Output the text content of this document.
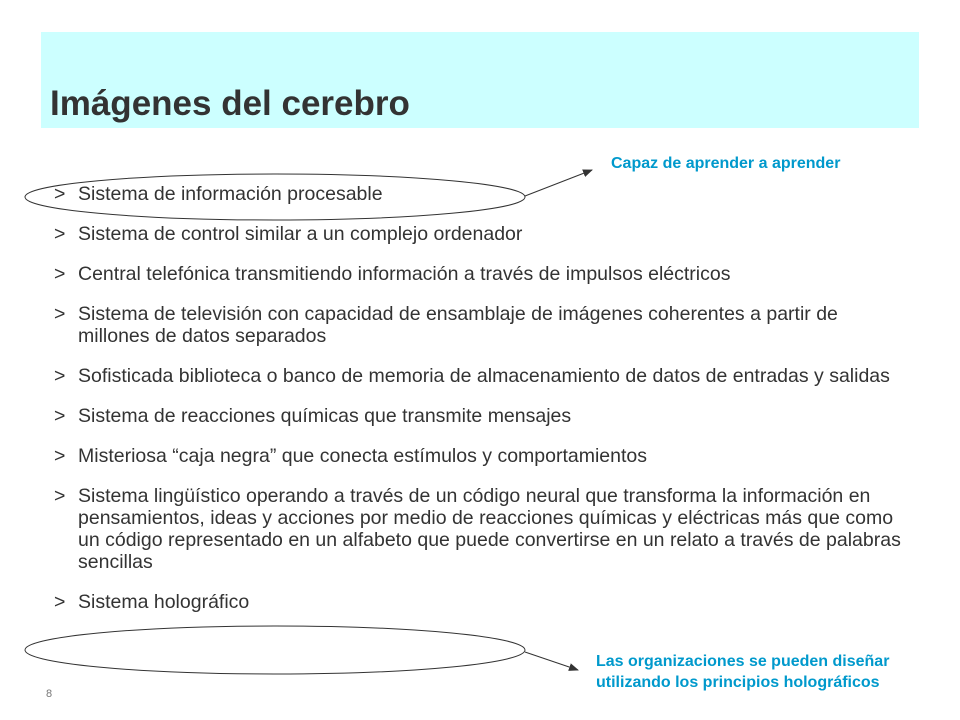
Imágenes del cerebro
> Sistema de información procesable
> Sistema de control similar a un complejo ordenador
> Central telefónica transmitiendo información a través de impulsos eléctricos
> Sistema de televisión con capacidad de ensamblaje de imágenes coherentes a partir de millones de datos separados
> Sofisticada biblioteca o banco de memoria de almacenamiento de datos de entradas y salidas
> Sistema de reacciones químicas que transmite mensajes
> Misteriosa “caja negra” que conecta estímulos y comportamientos
> Sistema lingüístico operando a través de un código neural que transforma la información en pensamientos, ideas y acciones por medio de reacciones químicas y eléctricas más que como un código representado en un alfabeto que puede convertirse en un relato a través de palabras sencillas
> Sistema holográfico

Capaz de aprender a aprender

Las organizaciones se pueden diseñar utilizando los principios holográficos

8
